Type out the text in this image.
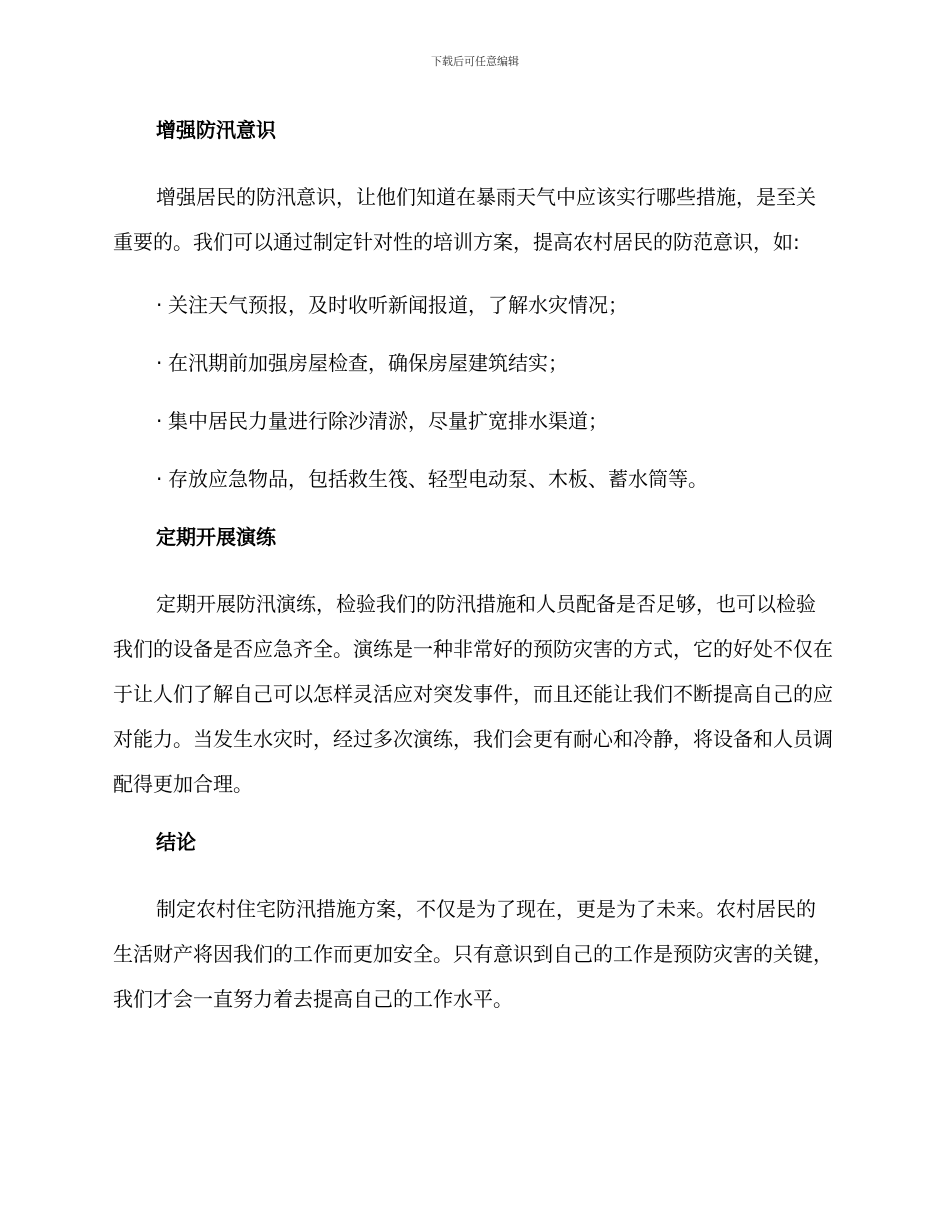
下载后可任意编辑
增强防汛意识

增强居民的防汛意识，让他们知道在暴雨天气中应该实行哪些措施，是至关重要的。我们可以通过制定针对性的培训方案，提高农村居民的防范意识，如:

· 关注天气预报，及时收听新闻报道，了解水灾情况；
· 在汛期前加强房屋检查，确保房屋建筑结实；
· 集中居民力量进行除沙清淤，尽量扩宽排水渠道；
· 存放应急物品，包括救生筏、轻型电动泵、木板、蓄水筒等。
定期开展演练

定期开展防汛演练，检验我们的防汛措施和人员配备是否足够，也可以检验我们的设备是否应急齐全。演练是一种非常好的预防灾害的方式，它的好处不仅在于让人们了解自己可以怎样灵活应对突发事件，而且还能让我们不断提高自己的应对能力。当发生水灾时，经过多次演练，我们会更有耐心和冷静，将设备和人员调配得更加合理。

结论

制定农村住宅防汛措施方案，不仅是为了现在，更是为了未来。农村居民的生活财产将因我们的工作而更加安全。只有意识到自己的工作是预防灾害的关键，我们才会一直努力着去提高自己的工作水平。
